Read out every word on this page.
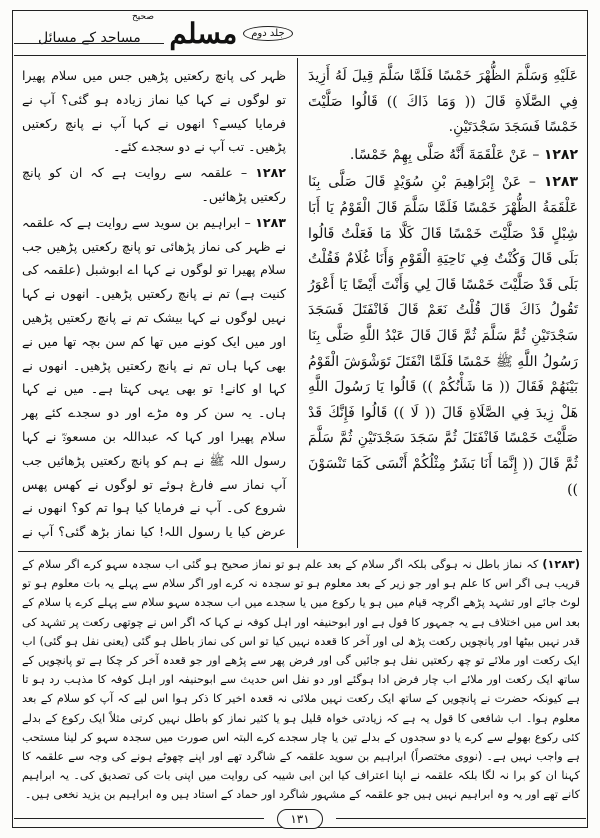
صحیح مسلم	جلد دوم
مساجد کے مسائل

عَلَيْهِ وَسَلَّمَ الظُّهْرَ خَمْسًا فَلَمَّا سَلَّمَ قِيلَ لَهُ أَزِيدَ فِي الصَّلَاةِ قَالَ (( وَمَا ذَاكَ )) قَالُوا صَلَّيْتَ خَمْسًا فَسَجَدَ سَجْدَتَيْنِ.

١٢٨٢ – عَنْ عَلْقَمَةَ أَنَّهُ صَلَّى بِهِمْ خَمْسًا.

١٢٨٣ – عَنْ إِبْرَاهِيمَ بْنِ سُوَيْدٍ قَالَ صَلَّى بِنَا عَلْقَمَةُ الظُّهْرَ خَمْسًا فَلَمَّا سَلَّمَ قَالَ الْقَوْمُ يَا أَبَا شِبْلٍ قَدْ صَلَّيْتَ خَمْسًا قَالَ كَلَّا مَا فَعَلْتُ قَالُوا بَلَى قَالَ وَكُنْتُ فِي نَاحِيَةِ الْقَوْمِ وَأَنَا غُلَامٌ فَقُلْتُ بَلَى قَدْ صَلَّيْتَ خَمْسًا قَالَ لِي وَأَنْتَ أَيْضًا يَا أَعْوَرُ تَقُولُ ذَاكَ قَالَ قُلْتُ نَعَمْ قَالَ فَانْفَتَلَ فَسَجَدَ سَجْدَتَيْنِ ثُمَّ سَلَّمَ ثُمَّ قَالَ قَالَ عَبْدُ اللَّهِ صَلَّى بِنَا رَسُولُ اللَّهِ ﷺ خَمْسًا فَلَمَّا انْفَتَلَ تَوَشْوَشَ الْقَوْمُ بَيْنَهُمْ فَقَالَ (( مَا شَأْنُكُمْ )) قَالُوا يَا رَسُولَ اللَّهِ هَلْ زِيدَ فِي الصَّلَاةِ قَالَ (( لَا )) قَالُوا فَإِنَّكَ قَدْ صَلَّيْتَ خَمْسًا فَانْفَتَلَ ثُمَّ سَجَدَ سَجْدَتَيْنِ ثُمَّ سَلَّمَ ثُمَّ قَالَ (( إِنَّمَا أَنَا بَشَرٌ مِثْلُكُمْ أَنْسَى كَمَا تَنْسَوْنَ ))

ظہر کی پانچ رکعتیں پڑھیں جس میں سلام پھیرا تو لوگوں نے کہا کیا نماز زیادہ ہو گئی؟ آپ نے فرمایا کیسے؟ انھوں نے کہا آپ نے پانچ رکعتیں پڑھیں۔ تب آپ نے دو سجدے کئے۔

١٢٨٢ – علقمہ سے روایت ہے کہ ان کو پانچ رکعتیں پڑھائیں۔

١٢٨٣ – ابراہیم بن سوید سے روایت ہے کہ علقمہ نے ظہر کی نماز پڑھائی تو پانچ رکعتیں پڑھیں جب سلام پھیرا تو لوگوں نے کہا اے ابوشبل (علقمہ کی کنیت ہے) تم نے پانچ رکعتیں پڑھیں۔ انھوں نے کہا نہیں لوگوں نے کہا بیشک تم نے پانچ رکعتیں پڑھیں اور میں ایک کونے میں تھا کم سن بچہ تھا میں نے بھی کہا ہاں تم نے پانچ رکعتیں پڑھیں۔ انھوں نے کہا او کانے! تو بھی یہی کہتا ہے۔ میں نے کہا ہاں۔ یہ سن کر وہ مڑے اور دو سجدے کئے پھر سلام پھیرا اور کہا کہ عبداللہ بن مسعودؓ نے کہا رسول اللہ ﷺ نے ہم کو پانچ رکعتیں پڑھائیں جب آپ نماز سے فارغ ہوئے تو لوگوں نے کھس پھس شروع کی۔ آپ نے فرمایا کیا ہوا تم کو؟ انھوں نے عرض کیا یا رسول اللہ! کیا نماز بڑھ گئی؟ آپ نے

(۱۲۸۳) کہ نماز باطل نہ ہوگی بلکہ اگر سلام کے بعد علم ہو تو نماز صحیح ہو گئی اب سجدہ سہو کرے اگر سلام کے قریب ہی اگر اس کا علم ہو اور جو زیر کے بعد معلوم ہو تو سجدہ نہ کرے اور اگر سلام سے پہلے یہ بات معلوم ہو تو لوٹ جائے اور تشہد پڑھے اگرچہ قیام میں ہو یا رکوع میں یا سجدے میں اب سجدہ سہو سلام سے پہلے کرے یا سلام کے بعد اس میں اختلاف ہے یہ جمہور کا قول ہے اور ابوحنیفہ اور اہل کوفہ نے کہا کہ اگر اس نے چوتھی رکعت پر تشہد کی قدر نہیں بیٹھا اور پانچویں رکعت پڑھ لی اور آخر کا قعدہ نہیں کیا تو اس کی نماز باطل ہو گئی (یعنی نفل ہو گئی) اب ایک رکعت اور ملائے تو چھ رکعتیں نفل ہو جائیں گی اور فرض پھر سے پڑھے اور جو قعدہ آخر کر چکا ہے تو پانچویں کے ساتھ ایک رکعت اور ملائے اب چار فرض ادا ہوگئے اور دو نفل اس حدیث سے ابوحنیفہ اور اہل کوفہ کا مذہب رد ہو تا ہے کیونکہ حضرت نے پانچویں کے ساتھ ایک رکعت نہیں ملائی نہ قعدہ اخیر کا ذکر ہوا اس لیے کہ آپ کو سلام کے بعد معلوم ہوا۔ اب شافعی کا قول یہ ہے کہ زیادتی خواہ قلیل ہو یا کثیر نماز کو باطل نہیں کرتی مثلاً ایک رکوع کے بدلے کئی رکوع بھولے سے کرے یا دو سجدوں کے بدلے تین یا چار سجدے کرے البتہ اس صورت میں سجدہ سہو کر لینا مستحب ہے واجب نہیں ہے۔ (نووی مختصراً) ابراہیم بن سوید علقمہ کے شاگرد تھے اور اپنے چھوٹے ہونے کی وجہ سے علقمہ کا کہنا ان کو برا نہ لگا بلکہ علقمہ نے اپنا اعتراف کیا ابن ابی شیبہ کی روایت میں اپنی بات کی تصدیق کی۔ یہ ابراہیم کانے تھے اور یہ وہ ابراہیم نہیں ہیں جو علقمہ کے مشہور شاگرد اور حماد کے استاد ہیں وہ ابراہیم بن یزید نخعی ہیں۔

١٣١
